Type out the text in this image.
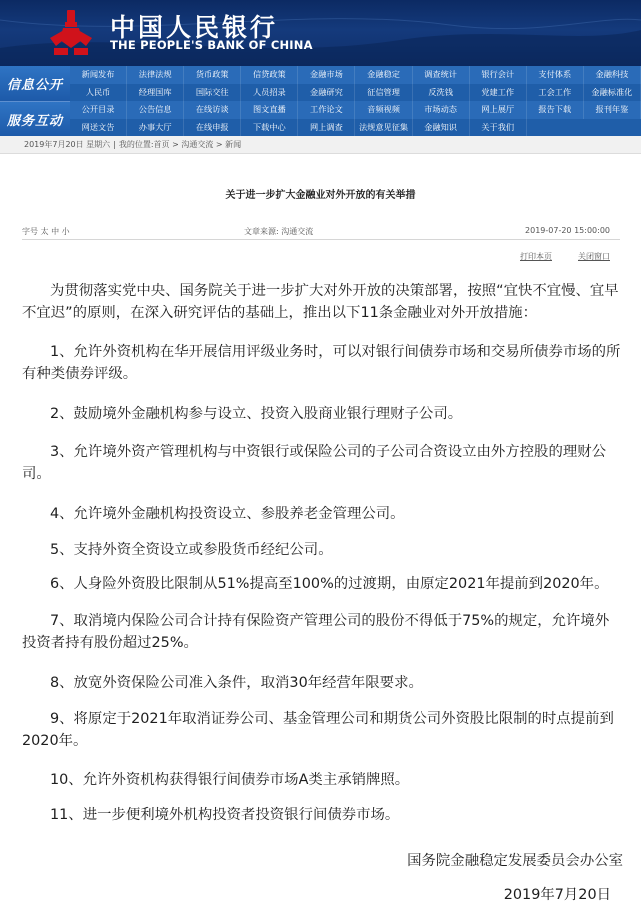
中国人民银行
THE PEOPLE'S BANK OF CHINA
信息公开
服务互动
新闻发布	法律法规	货币政策	信贷政策	金融市场	金融稳定	调查统计	银行会计	支付体系	金融科技
人民币	经理国库	国际交往	人员招录	金融研究	征信管理	反洗钱	党建工作	工会工作	金融标准化
公开目录	公告信息	在线访谈	图文直播	工作论文	音频视频	市场动态	网上展厅	报告下载	报刊年鉴
网送文告	办事大厅	在线申报	下载中心	网上调查	法规意见征集	金融知识	关于我们
2019年7月20日 星期六 | 我的位置:首页 > 沟通交流 > 新闻
关于进一步扩大金融业对外开放的有关举措
字号 太 中 小	文章来源: 沟通交流	2019-07-20 15:00:00
打印本页	关闭窗口

为贯彻落实党中央、国务院关于进一步扩大对外开放的决策部署，按照“宜快不宜慢、宜早不宜迟”的原则，在深入研究评估的基础上，推出以下11条金融业对外开放措施：

1、允许外资机构在华开展信用评级业务时，可以对银行间债券市场和交易所债券市场的所有种类债券评级。

2、鼓励境外金融机构参与设立、投资入股商业银行理财子公司。

3、允许境外资产管理机构与中资银行或保险公司的子公司合资设立由外方控股的理财公司。

4、允许境外金融机构投资设立、参股养老金管理公司。

5、支持外资全资设立或参股货币经纪公司。

6、人身险外资股比限制从51%提高至100%的过渡期，由原定2021年提前到2020年。

7、取消境内保险公司合计持有保险资产管理公司的股份不得低于75%的规定，允许境外投资者持有股份超过25%。

8、放宽外资保险公司准入条件，取消30年经营年限要求。

9、将原定于2021年取消证券公司、基金管理公司和期货公司外资股比限制的时点提前到2020年。

10、允许外资机构获得银行间债券市场A类主承销牌照。

11、进一步便利境外机构投资者投资银行间债券市场。

国务院金融稳定发展委员会办公室
2019年7月20日
